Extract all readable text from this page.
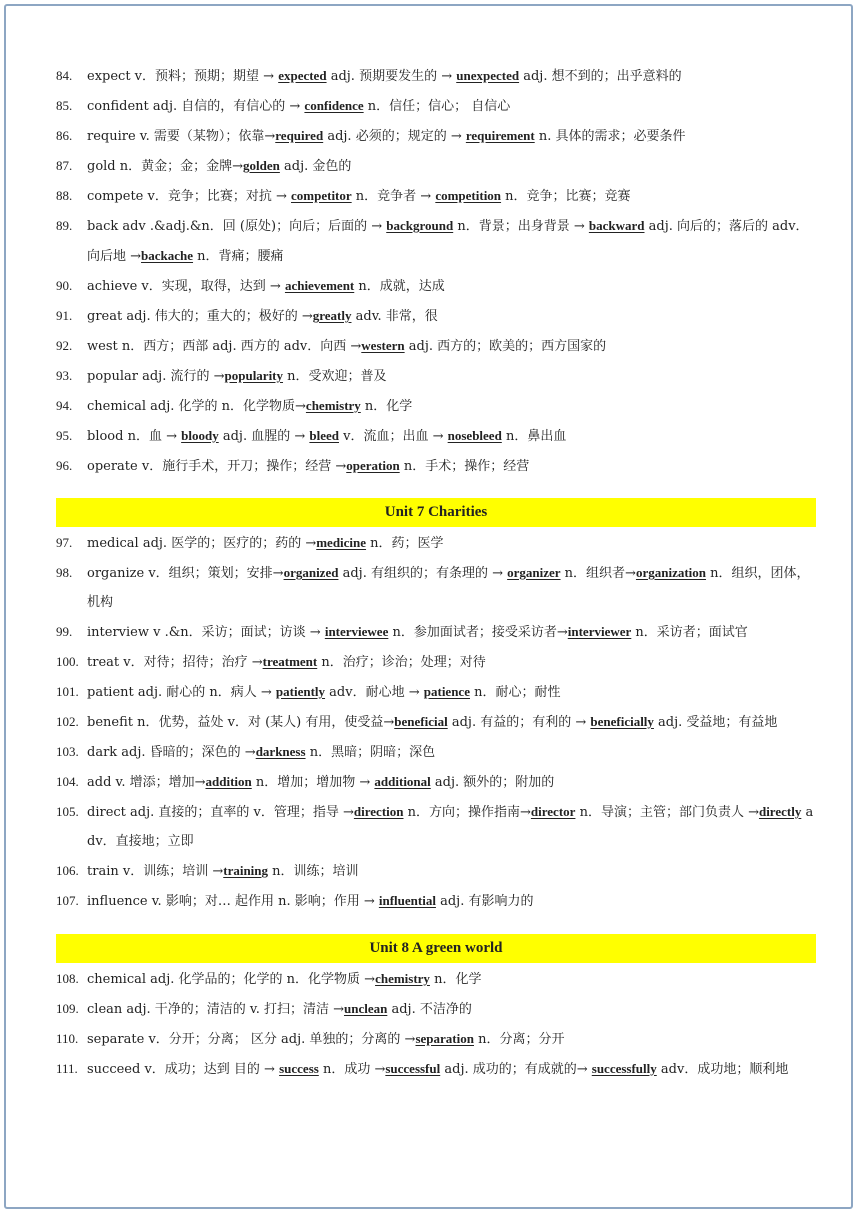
84.	expect v．预料；预期；期望 → expected adj. 预期要发生的 → unexpected adj. 想不到的；出乎意料的
85.	confident adj. 自信的，有信心的 → confidence n．信任；信心； 自信心
86.	require v. 需要（某物）；依靠→required adj. 必须的；规定的 → requirement n. 具体的需求；必要条件
87.	gold n．黄金；金；金牌→golden adj. 金色的
88.	compete v．竞争；比赛；对抗 → competitor n．竞争者 → competition n．竞争；比赛；竞赛
89.	back adv .&adj.&n．回 (原处)；向后；后面的 → background n．背景；出身背景 → backward adj. 向后的；落后的 adv．向后地 →backache n．背痛；腰痛
90.	achieve v．实现，取得，达到 → achievement n．成就，达成
91.	great adj. 伟大的；重大的；极好的 →greatly adv. 非常，很
92.	west n．西方；西部 adj. 西方的 adv．向西 →western adj. 西方的；欧美的；西方国家的
93.	popular adj. 流行的 →popularity n．受欢迎；普及
94.	chemical adj. 化学的 n．化学物质→chemistry n．化学
95.	blood n．血 → bloody adj. 血腥的 → bleed v．流血；出血 → nosebleed n．鼻出血
96.	operate v．施行手术，开刀；操作；经营 →operation n．手术；操作；经营
Unit 7 Charities
97.	medical adj. 医学的；医疗的；药的 →medicine n．药；医学
98.	organize v．组织；策划；安排→organized adj. 有组织的；有条理的 → organizer n．组织者→organization n．组织，团体，机构
99.	interview v .&n．采访；面试；访谈 → interviewee n．参加面试者；接受采访者→interviewer n．采访者；面试官
100. treat v．对待；招待；治疗 →treatment n．治疗；诊治；处理；对待
101. patient adj. 耐心的 n．病人 → patiently adv．耐心地 → patience n．耐心；耐性
102. benefit n．优势，益处 v．对 (某人) 有用，使受益→beneficial adj. 有益的；有利的 → beneficially adj. 受益地；有益地
103. dark adj. 昏暗的；深色的 →darkness n．黑暗；阴暗；深色
104. add v. 增添；增加→addition n．增加；增加物 → additional adj. 额外的；附加的
105. direct adj. 直接的；直率的 v．管理；指导 →direction n．方向；操作指南→director n．导演；主管；部门负责人 →directly adv．直接地；立即
106. train v．训练；培训 →training n．训练；培训
107. influence v. 影响；对… 起作用 n. 影响；作用 → influential adj. 有影响力的
Unit 8 A green world
108. chemical adj. 化学品的；化学的 n．化学物质 →chemistry n．化学
109. clean adj. 干净的；清洁的 v. 打扫；清洁 →unclean adj. 不洁净的
110. separate v．分开；分离； 区分 adj. 单独的；分离的 →separation n．分离；分开
111. succeed v．成功；达到 目的 → success n．成功 →successful adj. 成功的；有成就的→ successfully adv．成功地；顺利地
